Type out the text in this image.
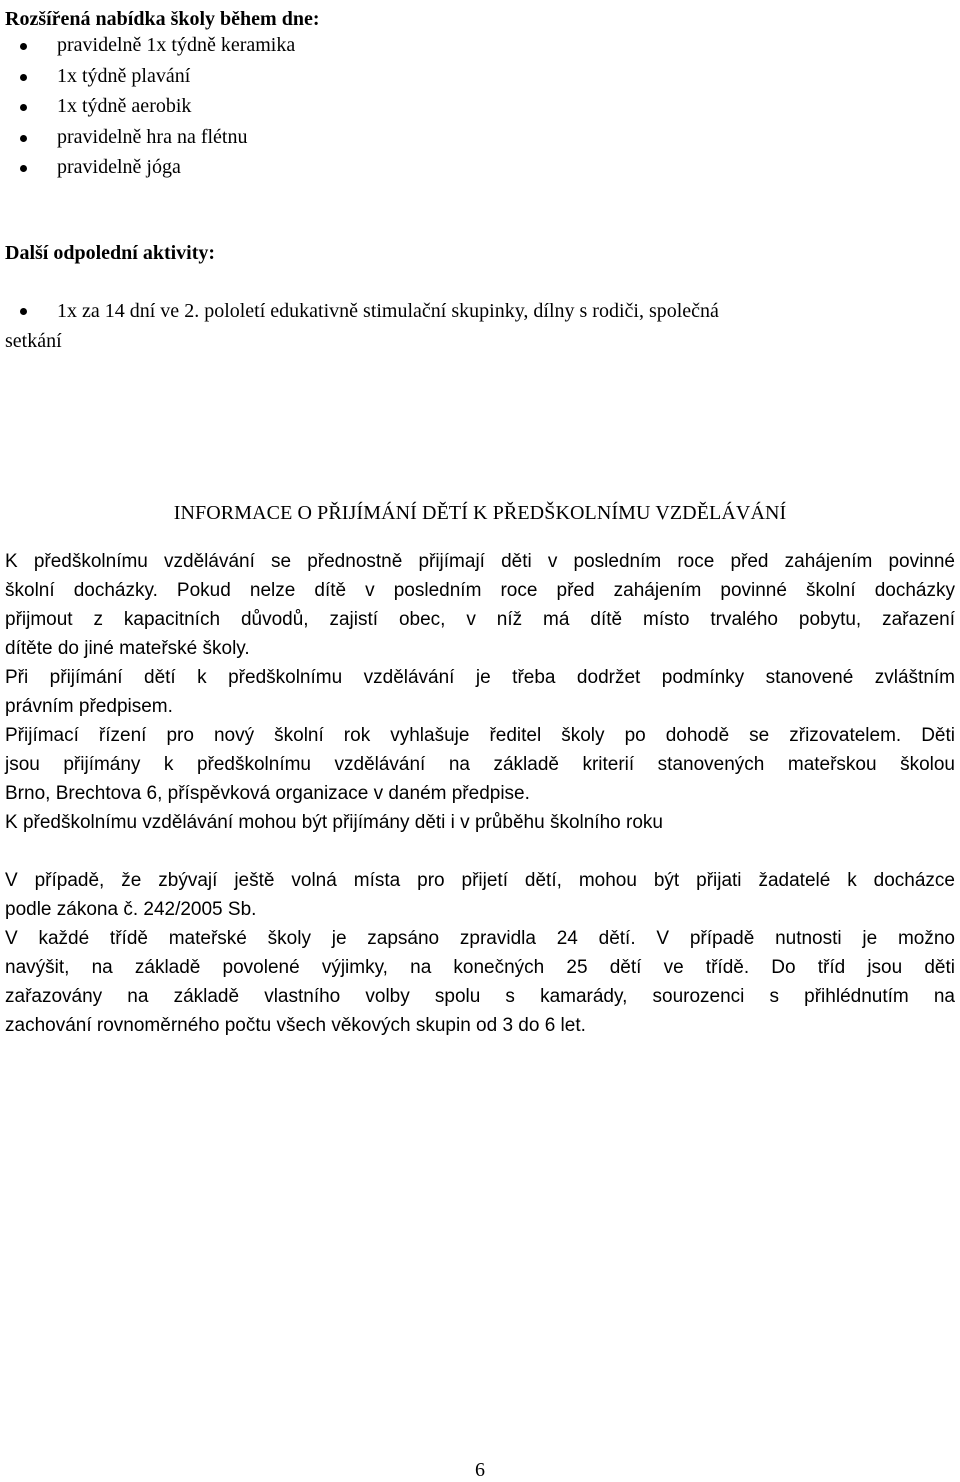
Rozšířená nabídka školy během dne:
pravidelně 1x týdně keramika
1x týdně plavání
1x týdně aerobik
pravidelně hra na flétnu
pravidelně jóga
Další odpolední aktivity:
1x za 14 dní ve 2. pololetí edukativně stimulační skupinky, dílny s rodiči, společná
setkání
INFORMACE O PŘIJÍMÁNÍ DĚTÍ K PŘEDŠKOLNÍMU VZDĚLÁVÁNÍ
K předškolnímu vzdělávání se přednostně přijímají děti v posledním roce před zahájením povinné
školní docházky. Pokud nelze dítě v posledním roce před zahájením povinné školní docházky
přijmout z kapacitních důvodů, zajistí obec, v níž má dítě místo trvalého pobytu, zařazení
dítěte do jiné mateřské školy.
Při přijímání dětí k předškolnímu vzdělávání je třeba dodržet podmínky stanovené zvláštním
právním předpisem.
Přijímací řízení pro nový školní rok vyhlašuje ředitel školy po dohodě se zřizovatelem. Děti
jsou přijímány k předškolnímu vzdělávání na základě kriterií stanovených mateřskou školou
Brno, Brechtova 6, příspěvková organizace v daném předpise.
K předškolnímu vzdělávání mohou být přijímány děti i v průběhu školního roku
V případě, že zbývají ještě volná místa pro přijetí dětí, mohou být přijati žadatelé k docházce
podle zákona č. 242/2005 Sb.
V každé třídě mateřské školy je zapsáno zpravidla 24 dětí. V případě nutnosti je možno
navýšit, na základě povolené výjimky, na konečných 25 dětí ve třídě. Do tříd jsou děti
zařazovány na základě vlastního volby spolu s kamarády, sourozenci s přihlédnutím na
zachování rovnoměrného počtu všech věkových skupin od 3 do 6 let.
6
